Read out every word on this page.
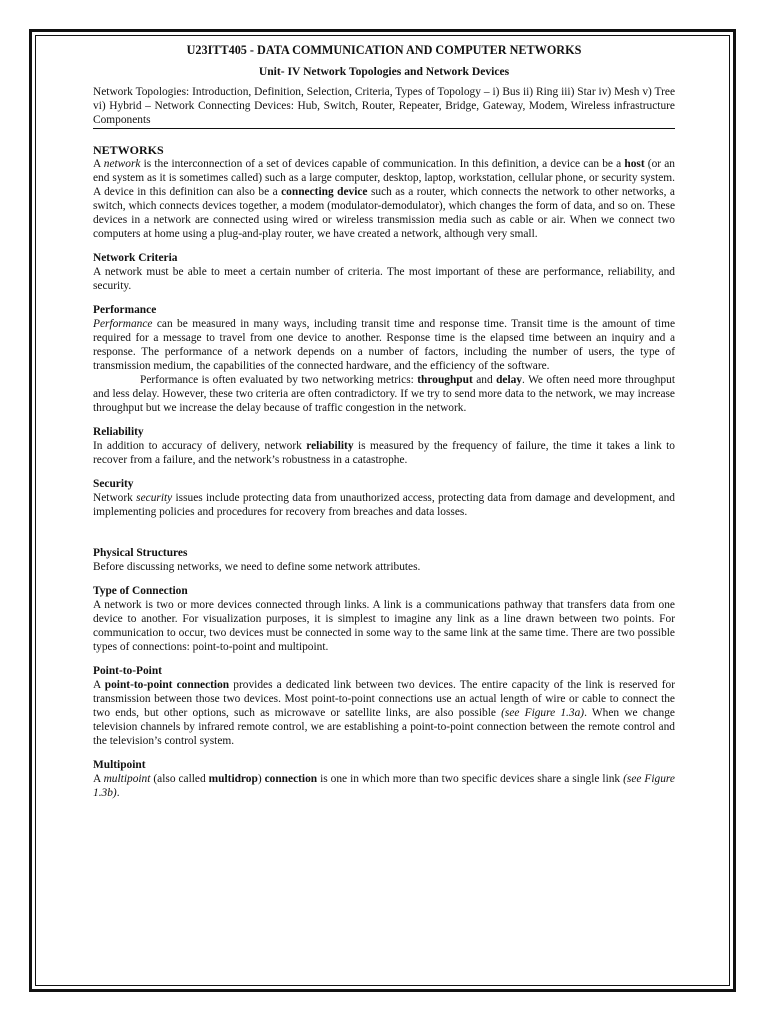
U23ITT405 - DATA COMMUNICATION AND COMPUTER NETWORKS
Unit- IV Network Topologies and Network Devices

Network Topologies: Introduction, Definition, Selection, Criteria, Types of Topology – i) Bus ii) Ring iii) Star iv) Mesh v) Tree vi) Hybrid – Network Connecting Devices: Hub, Switch, Router, Repeater, Bridge, Gateway, Modem, Wireless infrastructure Components

NETWORKS

A network is the interconnection of a set of devices capable of communication. In this definition, a device can be a host (or an end system as it is sometimes called) such as a large computer, desktop, laptop, workstation, cellular phone, or security system. A device in this definition can also be a connecting device such as a router, which connects the network to other networks, a switch, which connects devices together, a modem (modulator-demodulator), which changes the form of data, and so on. These devices in a network are connected using wired or wireless transmission media such as cable or air. When we connect two computers at home using a plug-and-play router, we have created a network, although very small.

Network Criteria

A network must be able to meet a certain number of criteria. The most important of these are performance, reliability, and security.

Performance

Performance can be measured in many ways, including transit time and response time. Transit time is the amount of time required for a message to travel from one device to another. Response time is the elapsed time between an inquiry and a response. The performance of a network depends on a number of factors, including the number of users, the type of transmission medium, the capabilities of the connected hardware, and the efficiency of the software.

Performance is often evaluated by two networking metrics: throughput and delay. We often need more throughput and less delay. However, these two criteria are often contradictory. If we try to send more data to the network, we may increase throughput but we increase the delay because of traffic congestion in the network.

Reliability

In addition to accuracy of delivery, network reliability is measured by the frequency of failure, the time it takes a link to recover from a failure, and the network’s robustness in a catastrophe.

Security

Network security issues include protecting data from unauthorized access, protecting data from damage and development, and implementing policies and procedures for recovery from breaches and data losses.

Physical Structures

Before discussing networks, we need to define some network attributes.

Type of Connection

A network is two or more devices connected through links. A link is a communications pathway that transfers data from one device to another. For visualization purposes, it is simplest to imagine any link as a line drawn between two points. For communication to occur, two devices must be connected in some way to the same link at the same time. There are two possible types of connections: point-to-point and multipoint.

Point-to-Point

A point-to-point connection provides a dedicated link between two devices. The entire capacity of the link is reserved for transmission between those two devices. Most point-to-point connections use an actual length of wire or cable to connect the two ends, but other options, such as microwave or satellite links, are also possible (see Figure 1.3a). When we change television channels by infrared remote control, we are establishing a point-to-point connection between the remote control and the television’s control system.

Multipoint

A multipoint (also called multidrop) connection is one in which more than two specific devices share a single link (see Figure 1.3b).
